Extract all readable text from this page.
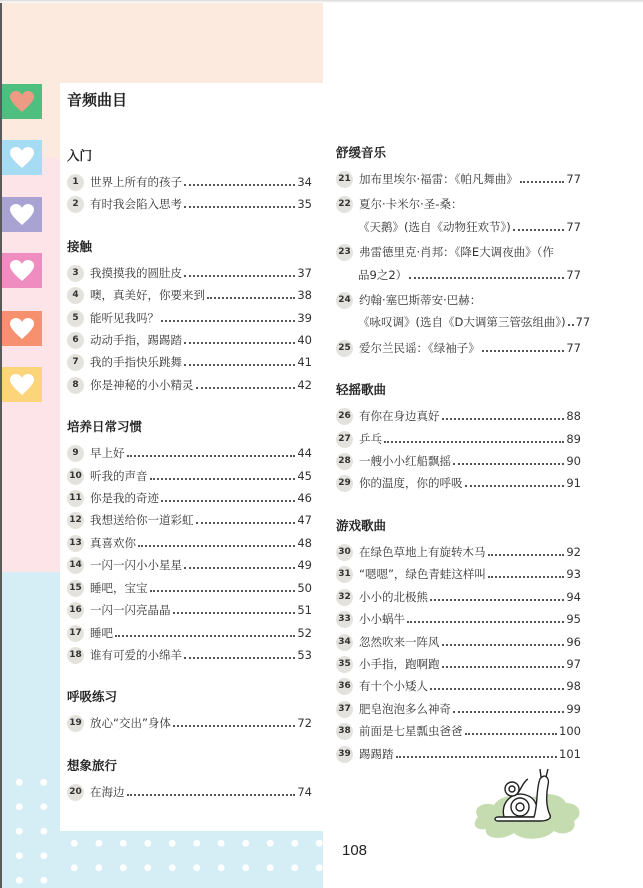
音频曲目
入门
1 世界上所有的孩子	34
2 有时我会陷入思考	35
接触
3 我摸摸我的圆肚皮	37
4 噢，真美好，你要来到	38
5 能听见我吗？	39
6 动动手指，踢踢踏	40
7 我的手指快乐跳舞	41
8 你是神秘的小小精灵	42
培养日常习惯
9 早上好	44
10 听我的声音	45
11 你是我的奇迹	46
12 我想送给你一道彩虹	47
13 真喜欢你	48
14 一闪一闪小小星星	49
15 睡吧，宝宝	50
16 一闪一闪亮晶晶	51
17 睡吧	52
18 谁有可爱的小绵羊	53
呼吸练习
19 放心“交出”身体	72
想象旅行
20 在海边	74
舒缓音乐
21 加布里埃尔·福雷：《帕凡舞曲》	77
22 夏尔·卡米尔·圣-桑：
《天鹅》(选自《动物狂欢节》)	77
23 弗雷德里克·肖邦：《降E大调夜曲》（作
品9之2）	77
24 约翰·塞巴斯蒂安·巴赫：
《咏叹调》(选自《D大调第三管弦组曲》) 77
25 爱尔兰民谣：《绿袖子》	77
轻摇歌曲
26 有你在身边真好	88
27 乒乓	89
28 一艘小小红船飘摇	90
29 你的温度，你的呼吸	91
游戏歌曲
30 在绿色草地上有旋转木马	92
31 “嗯嗯”，绿色青蛙这样叫	93
32 小小的北极熊	94
33 小小蜗牛	95
34 忽然吹来一阵风	96
35 小手指，跑啊跑	97
36 有十个小矮人	98
37 肥皂泡泡多么神奇	99
38 前面是七星瓢虫爸爸	100
39 踢踢踏	101
108
